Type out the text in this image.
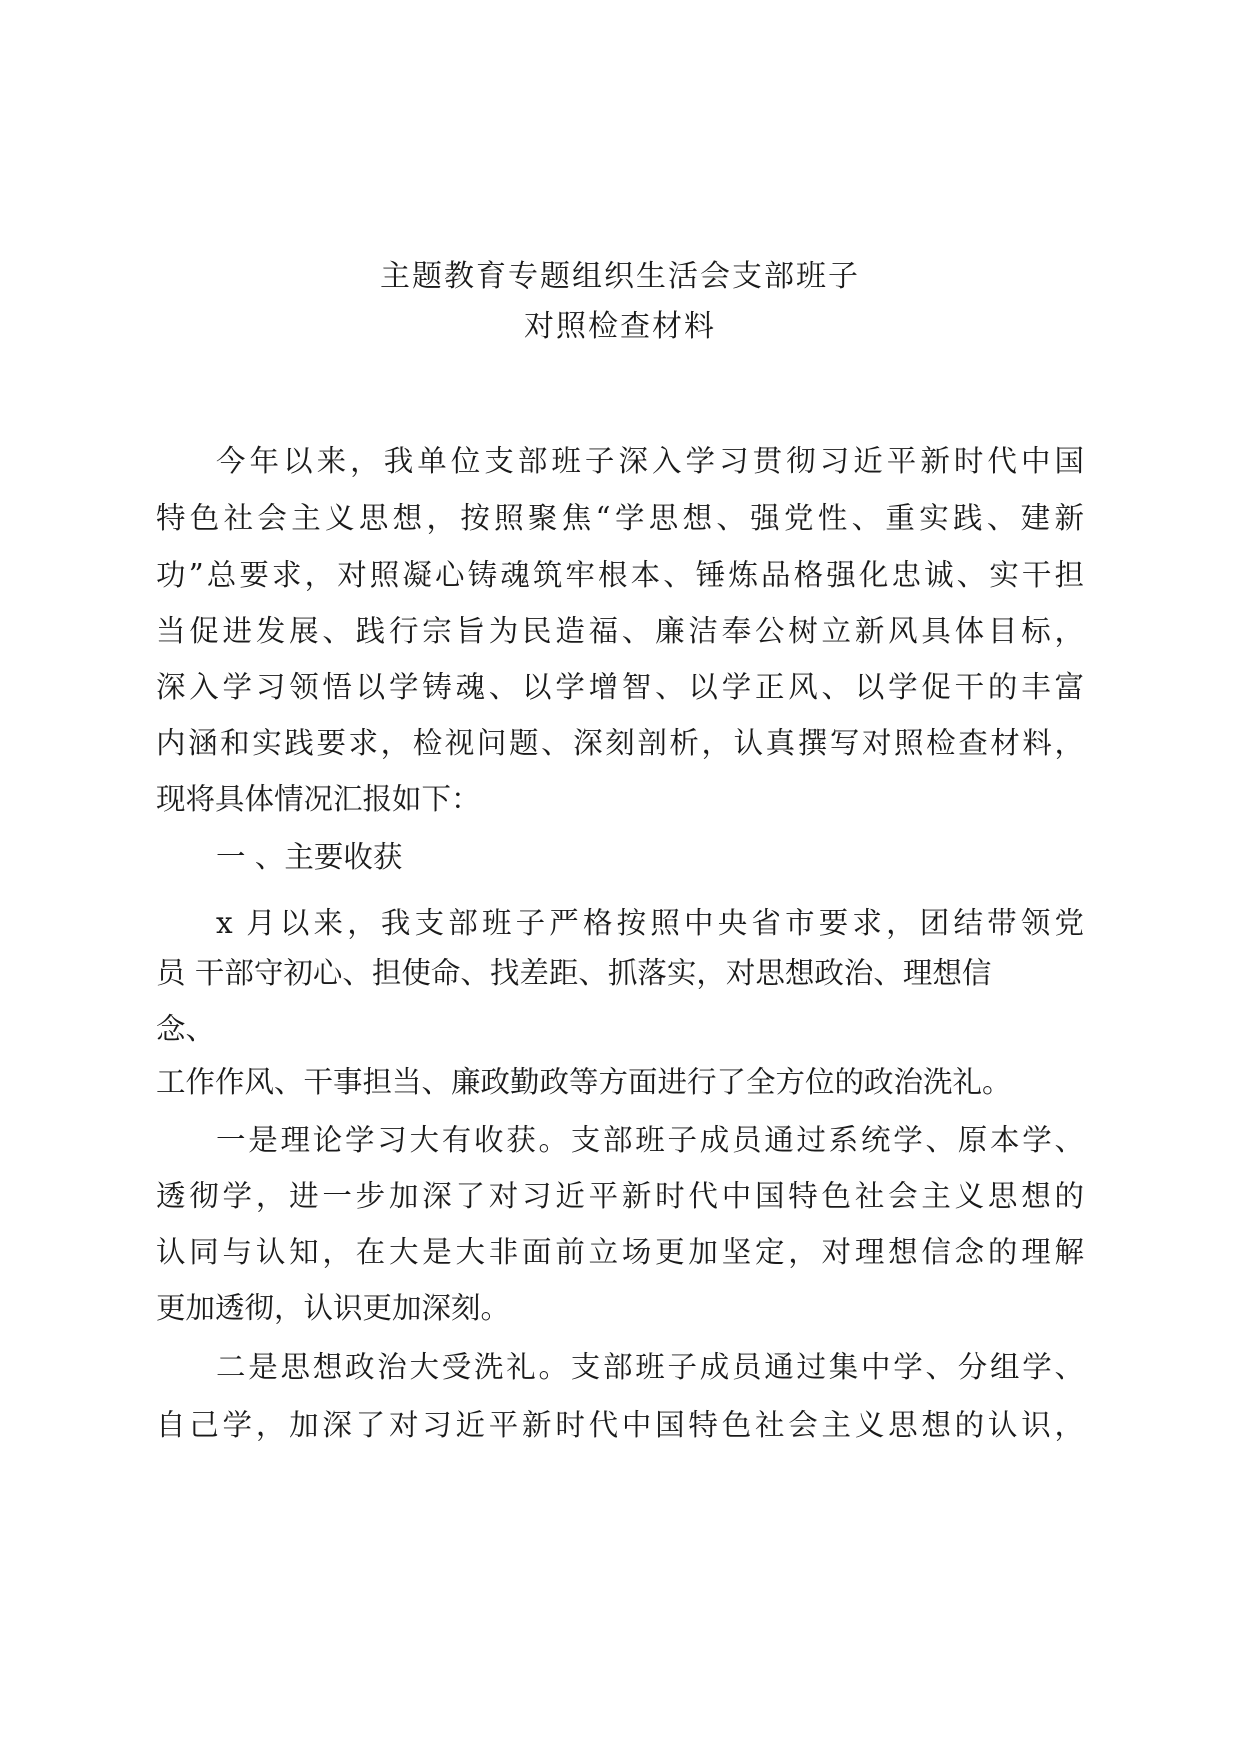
主题教育专题组织生活会支部班子
对照检查材料
今年以来，我单位支部班子深入学习贯彻习近平新时代中国
特色社会主义思想，按照聚焦“学思想、强党性、重实践、建新
功”总要求，对照凝心铸魂筑牢根本、锤炼品格强化忠诚、实干担
当促进发展、践行宗旨为民造福、廉洁奉公树立新风具体目标，
深入学习领悟以学铸魂、以学增智、以学正风、以学促干的丰富
内涵和实践要求，检视问题、深刻剖析，认真撰写对照检查材料，
现将具体情况汇报如下：
一 、主要收获
x 月以来，我支部班子严格按照中央省市要求，团结带领党
员 干部守初心、担使命、找差距、抓落实，对思想政治、理想信
念、
工作作风、干事担当、廉政勤政等方面进行了全方位的政治洗礼。
一是理论学习大有收获。支部班子成员通过系统学、原本学、
透彻学，进一步加深了对习近平新时代中国特色社会主义思想的
认同与认知，在大是大非面前立场更加坚定，对理想信念的理解
更加透彻，认识更加深刻。
二是思想政治大受洗礼。支部班子成员通过集中学、分组学、
自己学，加深了对习近平新时代中国特色社会主义思想的认识，
